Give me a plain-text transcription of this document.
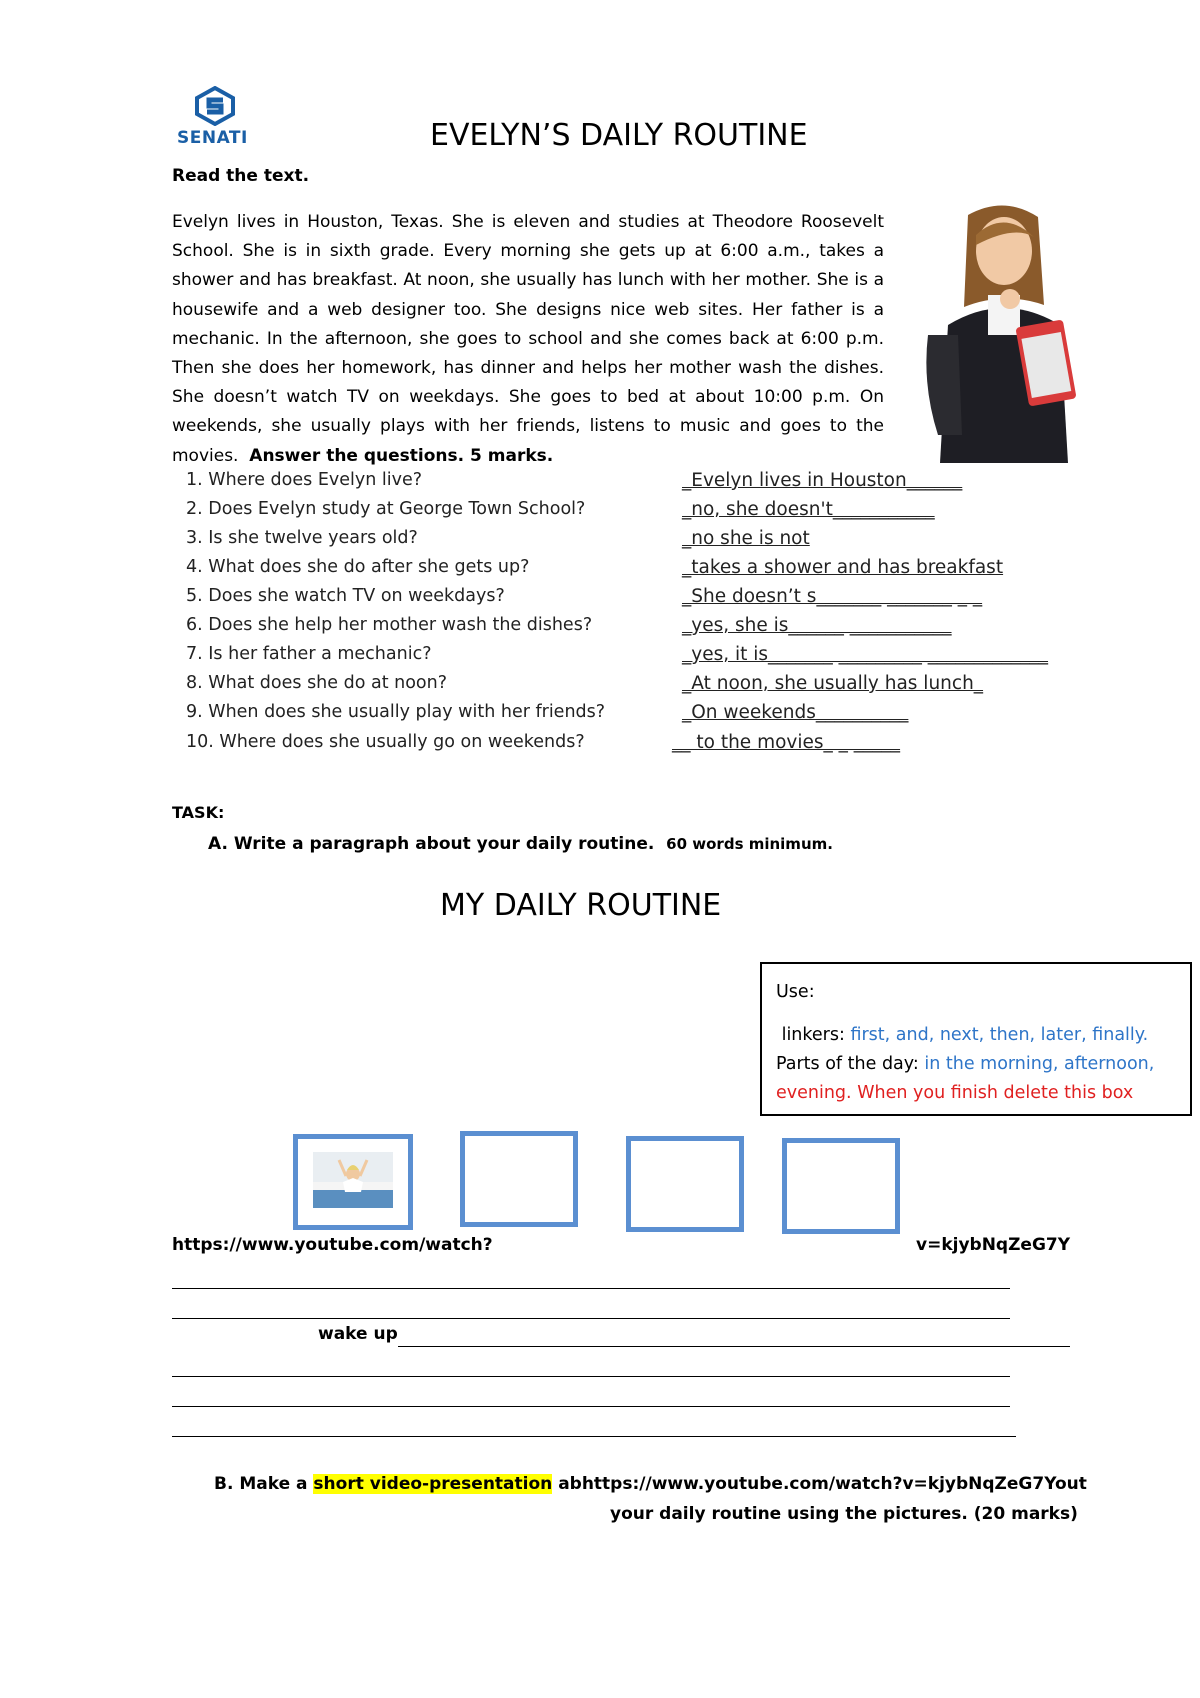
SENATI	EVELYN’S DAILY ROUTINE
Read the text.

Evelyn lives in Houston, Texas. She is eleven and studies at Theodore Roosevelt School. She is in sixth grade. Every morning she gets up at 6:00 a.m., takes a shower and has breakfast. At noon, she usually has lunch with her mother. She is a housewife and a web designer too. She designs nice web sites. Her father is a mechanic. In the afternoon, she goes to school and she comes back at 6:00 p.m. Then she does her homework, has dinner and helps her mother wash the dishes. She doesn’t watch TV on weekdays. She goes to bed at about 10:00 p.m. On weekends, she usually plays with her friends, listens to music and goes to the movies. Answer the questions. 5 marks.

1. Where does Evelyn live?	_Evelyn lives in Houston______
2. Does Evelyn study at George Town School?	_no, she doesn't___________
3. Is she twelve years old?	_no she is not
4. What does she do after she gets up?	_takes a shower and has breakfast
5. Does she watch TV on weekdays?	_She doesn’t s_______ _______ _ _
6. Does she help her mother wash the dishes?	_yes, she is______ ___________
7. Is her father a mechanic?	_yes, it is_______ _________ _____________
8. What does she do at noon?	_At noon, she usually has lunch_
9. When does she usually play with her friends?	_On weekends__________
10. Where does she usually go on weekends?	__ to the movies_ _ _____
TASK:
A. Write a paragraph about your daily routine. 60 words minimum.
MY DAILY ROUTINE
Use:
linkers: first, and, next, then, later, finally.
Parts of the day: in the morning, afternoon,
evening. When you finish delete this box
https://www.youtube.com/watch?	v=kjybNqZeG7Y
wake up
B. Make a short video-presentation abhttps://www.youtube.com/watch?v=kjybNqZeG7Yout
your daily routine using the pictures. (20 marks)
